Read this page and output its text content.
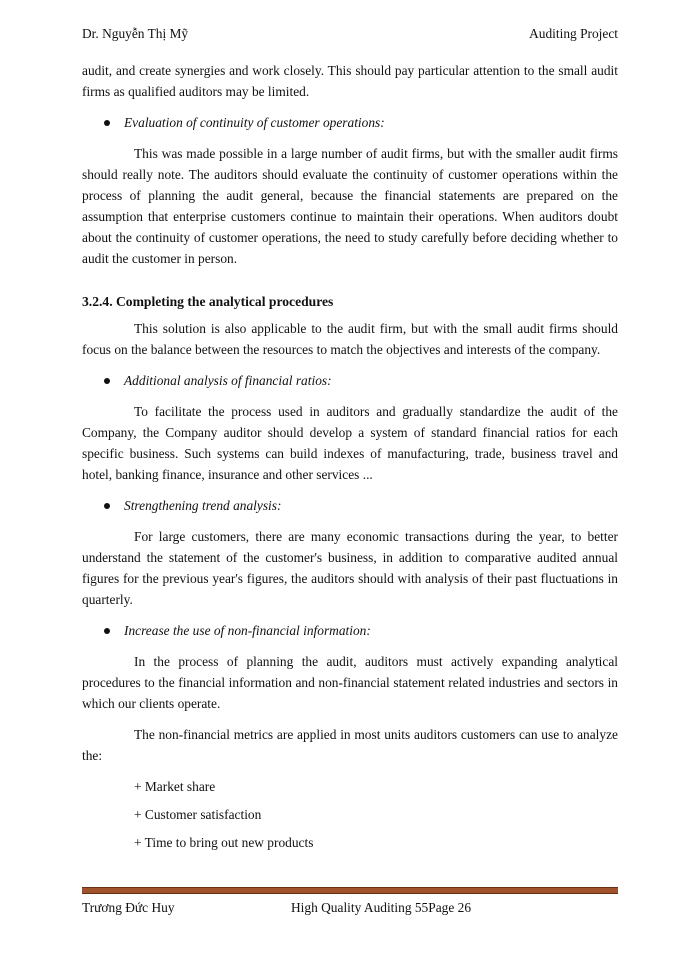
Dr. Nguyễn Thị Mỹ	Auditing Project

audit, and create synergies and work closely. This should pay particular attention to the small audit firms as qualified auditors may be limited.

Evaluation of continuity of customer operations:

This was made possible in a large number of audit firms, but with the smaller audit firms should really note. The auditors should evaluate the continuity of customer operations within the process of planning the audit general, because the financial statements are prepared on the assumption that enterprise customers continue to maintain their operations. When auditors doubt about the continuity of customer operations, the need to study carefully before deciding whether to audit the customer in person.

3.2.4. Completing the analytical procedures

This solution is also applicable to the audit firm, but with the small audit firms should focus on the balance between the resources to match the objectives and interests of the company.

Additional analysis of financial ratios:

To facilitate the process used in auditors and gradually standardize the audit of the Company, the Company auditor should develop a system of standard financial ratios for each specific business. Such systems can build indexes of manufacturing, trade, business travel and hotel, banking finance, insurance and other services ...

Strengthening trend analysis:

For large customers, there are many economic transactions during the year, to better understand the statement of the customer's business, in addition to comparative audited annual figures for the previous year's figures, the auditors should with analysis of their past fluctuations in quarterly.

Increase the use of non-financial information:

In the process of planning the audit, auditors must actively expanding analytical procedures to the financial information and non-financial statement related industries and sectors in which our clients operate.

The non-financial metrics are applied in most units auditors customers can use to analyze the:

+ Market share
+ Customer satisfaction
+ Time to bring out new products
Trương Đức Huy	High Quality Auditing 55Page 26
